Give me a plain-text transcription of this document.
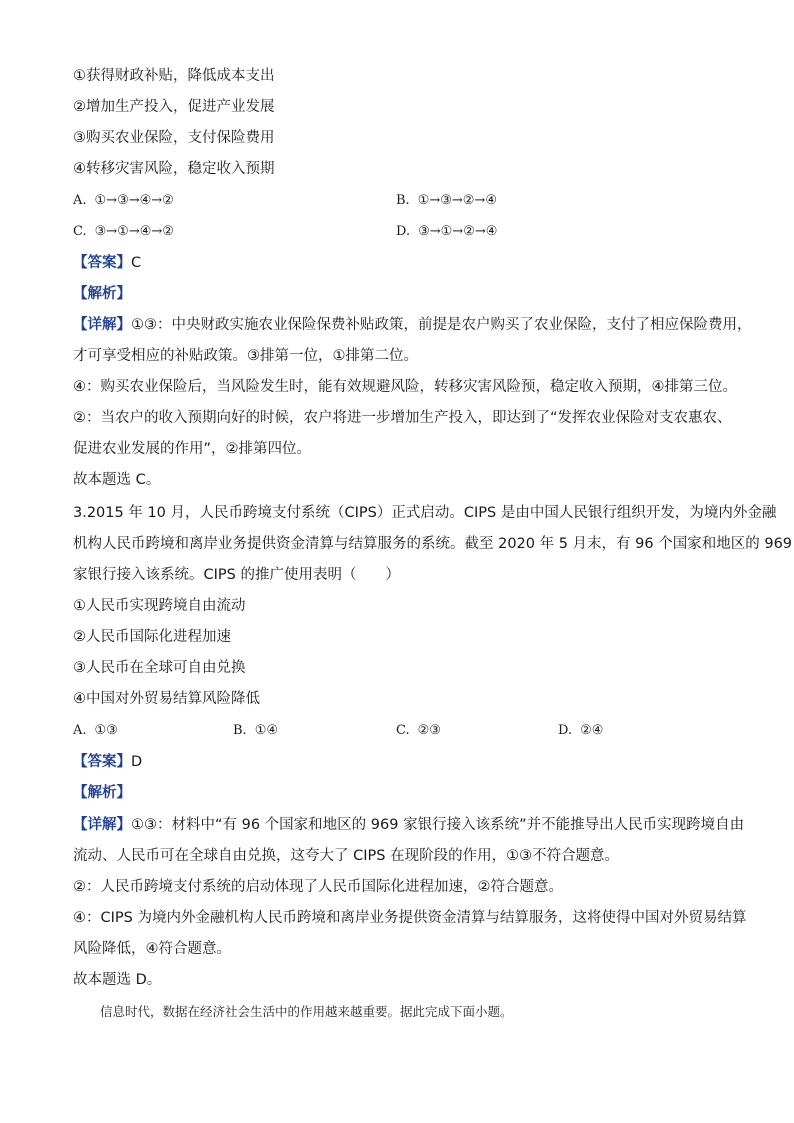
①获得财政补贴，降低成本支出
②增加生产投入，促进产业发展
③购买农业保险，支付保险费用
④转移灾害风险，稳定收入预期
A. ①→③→④→②	B. ①→③→②→④
C. ③→①→④→②	D. ③→①→②→④
【答案】C
【解析】
【详解】①③：中央财政实施农业保险保费补贴政策，前提是农户购买了农业保险，支付了相应保险费用，
才可享受相应的补贴政策。③排第一位，①排第二位。
④：购买农业保险后，当风险发生时，能有效规避风险，转移灾害风险预，稳定收入预期，④排第三位。
②：当农户的收入预期向好的时候，农户将进一步增加生产投入，即达到了“发挥农业保险对支农惠农、
促进农业发展的作用”，②排第四位。
故本题选 C。
3.2015 年 10 月，人民币跨境支付系统（CIPS）正式启动。CIPS 是由中国人民银行组织开发，为境内外金融
机构人民币跨境和离岸业务提供资金清算与结算服务的系统。截至 2020 年 5 月末，有 96 个国家和地区的 969
家银行接入该系统。CIPS 的推广使用表明（　　）
①人民币实现跨境自由流动
②人民币国际化进程加速
③人民币在全球可自由兑换
④中国对外贸易结算风险降低
A. ①③	B. ①④	C. ②③	D. ②④
【答案】D
【解析】
【详解】①③：材料中“有 96 个国家和地区的 969 家银行接入该系统”并不能推导出人民币实现跨境自由
流动、人民币可在全球自由兑换，这夸大了 CIPS 在现阶段的作用，①③不符合题意。
②：人民币跨境支付系统的启动体现了人民币国际化进程加速，②符合题意。
④：CIPS 为境内外金融机构人民币跨境和离岸业务提供资金清算与结算服务，这将使得中国对外贸易结算
风险降低，④符合题意。
故本题选 D。
信息时代，数据在经济社会生活中的作用越来越重要。据此完成下面小题。
